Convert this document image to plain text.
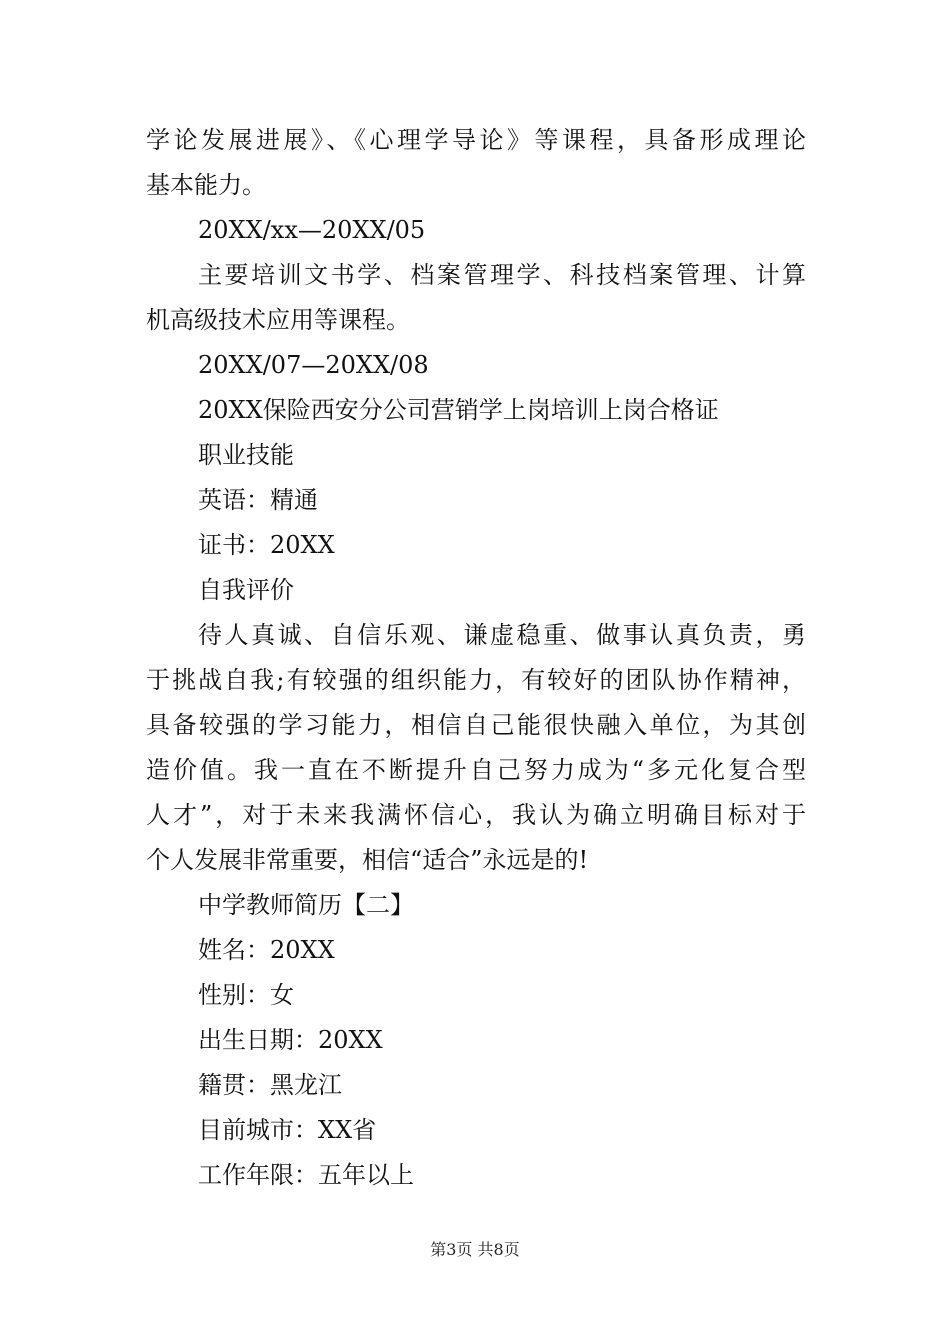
学论发展进展》、《心理学导论》等课程，具备形成理论
基本能力。
20XX/xx—20XX/05
主要培训文书学、档案管理学、科技档案管理、计算
机高级技术应用等课程。
20XX/07—20XX/08
20XX保险西安分公司营销学上岗培训上岗合格证
职业技能
英语：精通
证书：20XX
自我评价
待人真诚、自信乐观、谦虚稳重、做事认真负责，勇
于挑战自我;有较强的组织能力，有较好的团队协作精神，
具备较强的学习能力，相信自己能很快融入单位，为其创
造价值。我一直在不断提升自己努力成为“多元化复合型
人才”，对于未来我满怀信心，我认为确立明确目标对于
个人发展非常重要，相信“适合”永远是的!
中学教师简历【二】
姓名：20XX
性别：女
出生日期：20XX
籍贯：黑龙江
目前城市：XX省
工作年限：五年以上
第3页 共8页
